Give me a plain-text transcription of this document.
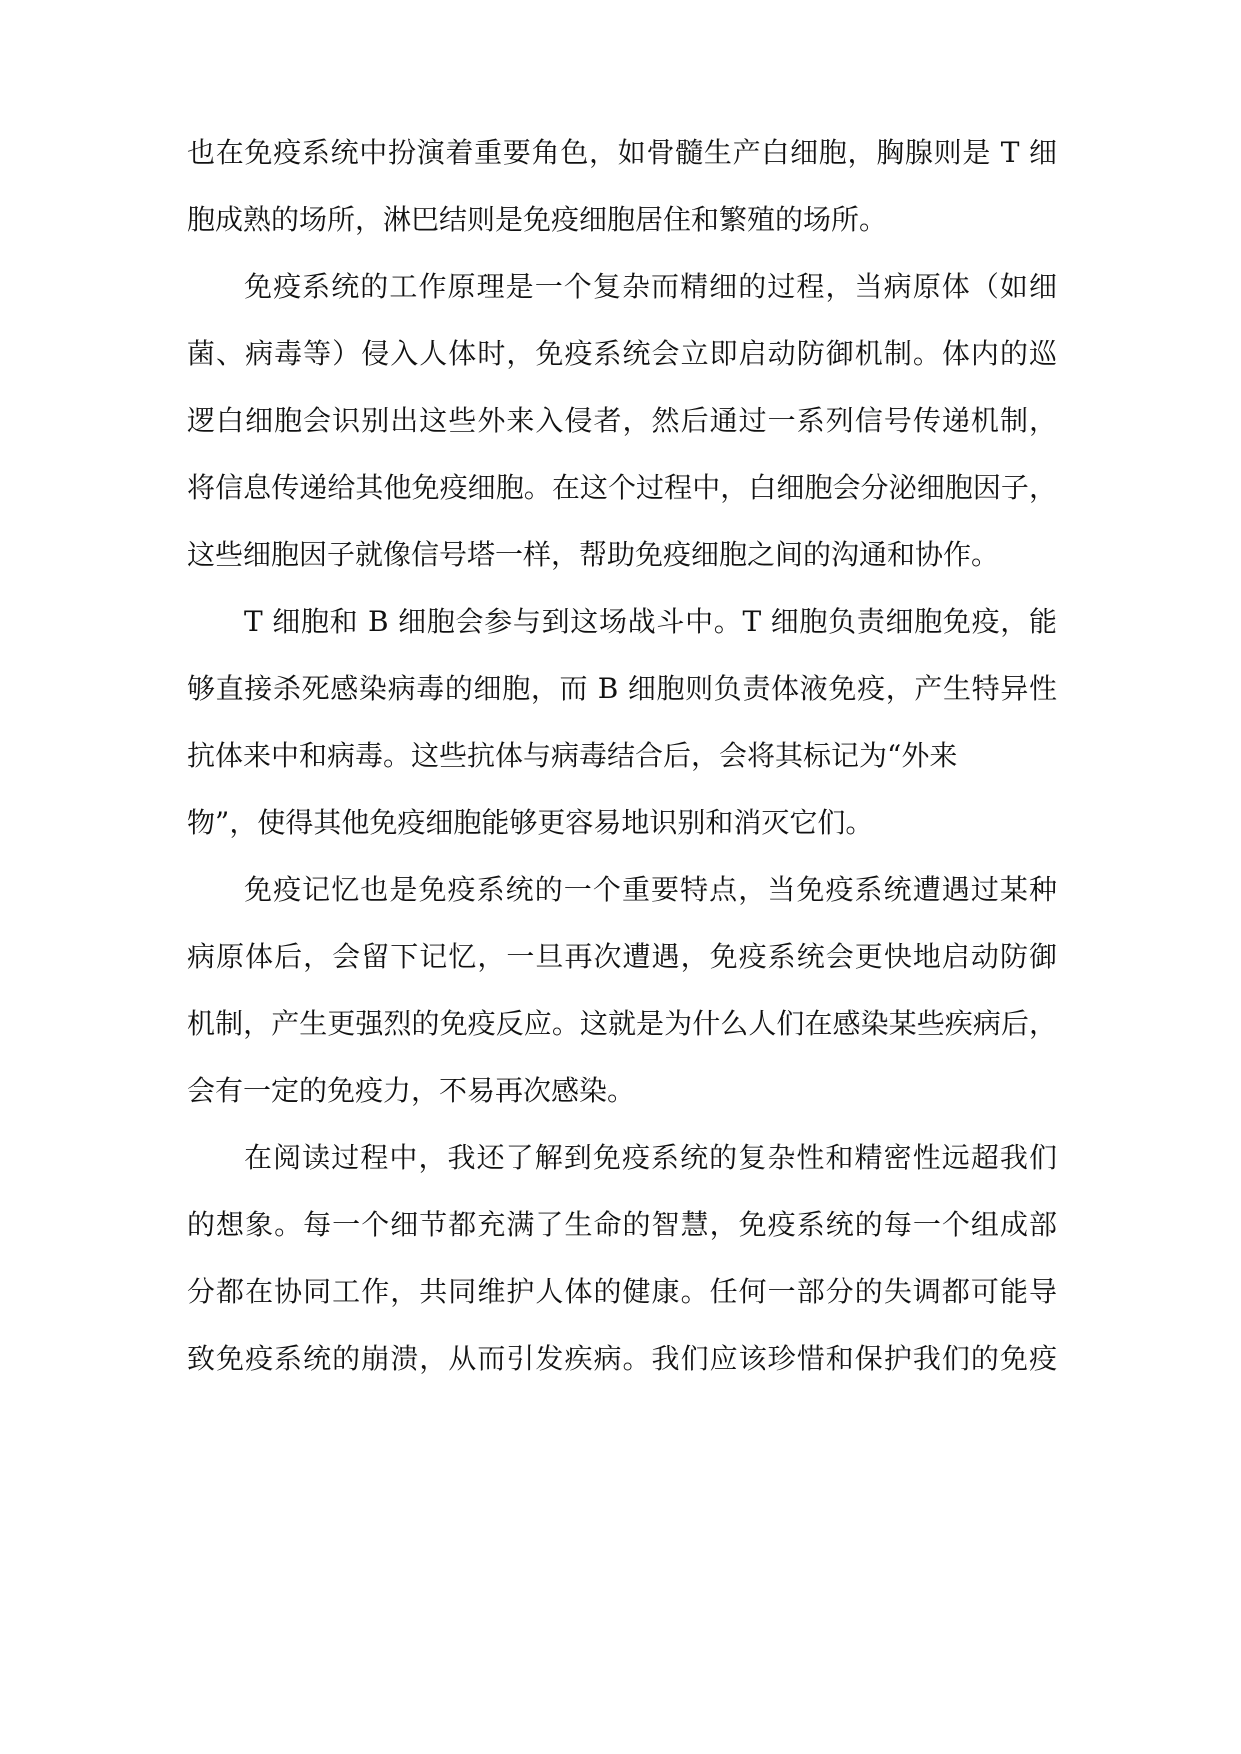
也在免疫系统中扮演着重要角色，如骨髓生产白细胞，胸腺则是 T 细
胞成熟的场所，淋巴结则是免疫细胞居住和繁殖的场所。
免疫系统的工作原理是一个复杂而精细的过程，当病原体（如细
菌、病毒等）侵入人体时，免疫系统会立即启动防御机制。体内的巡
逻白细胞会识别出这些外来入侵者，然后通过一系列信号传递机制，
将信息传递给其他免疫细胞。在这个过程中，白细胞会分泌细胞因子，
这些细胞因子就像信号塔一样，帮助免疫细胞之间的沟通和协作。
T 细胞和 B 细胞会参与到这场战斗中。T 细胞负责细胞免疫，能
够直接杀死感染病毒的细胞，而 B 细胞则负责体液免疫，产生特异性
抗体来中和病毒。这些抗体与病毒结合后，会将其标记为“外来
物”，使得其他免疫细胞能够更容易地识别和消灭它们。
免疫记忆也是免疫系统的一个重要特点，当免疫系统遭遇过某种
病原体后，会留下记忆，一旦再次遭遇，免疫系统会更快地启动防御
机制，产生更强烈的免疫反应。这就是为什么人们在感染某些疾病后，
会有一定的免疫力，不易再次感染。
在阅读过程中，我还了解到免疫系统的复杂性和精密性远超我们
的想象。每一个细节都充满了生命的智慧，免疫系统的每一个组成部
分都在协同工作，共同维护人体的健康。任何一部分的失调都可能导
致免疫系统的崩溃，从而引发疾病。我们应该珍惜和保护我们的免疫
